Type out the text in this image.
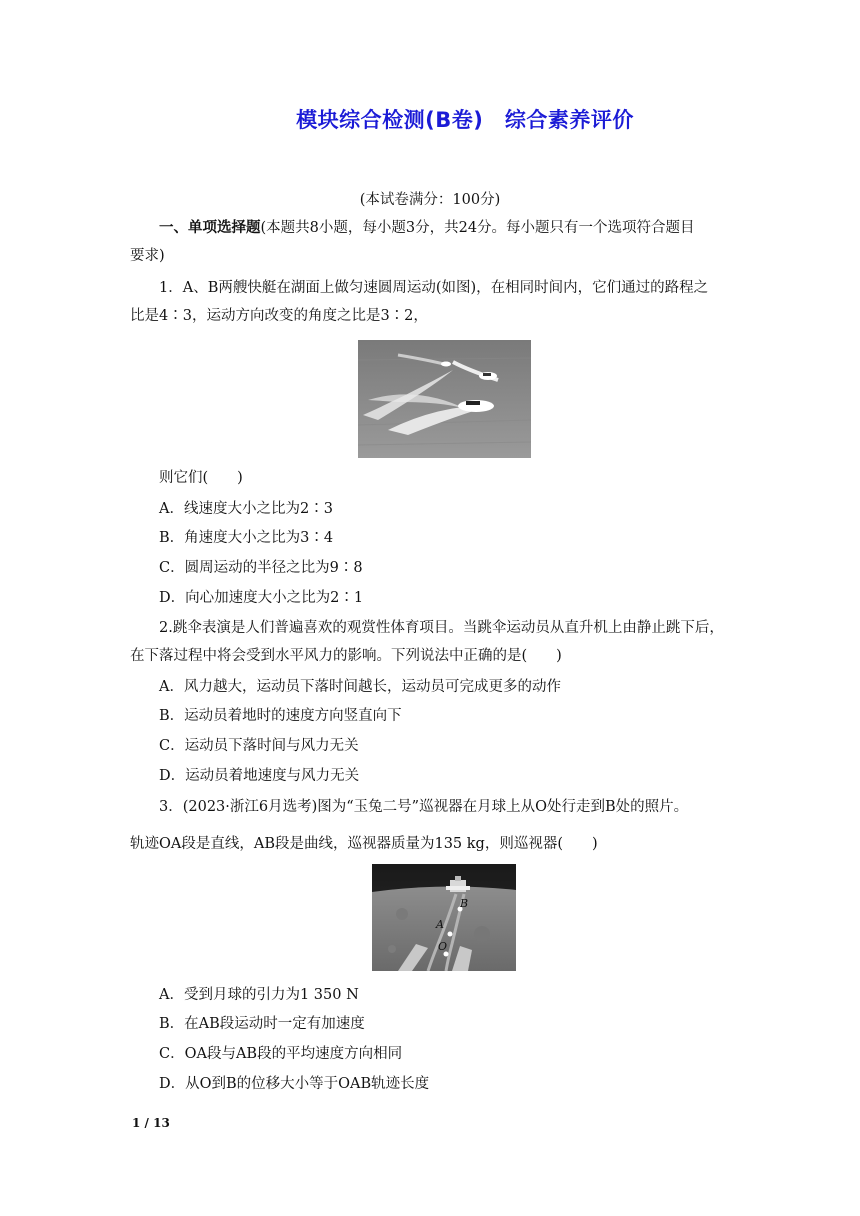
模块综合检测(B卷)　综合素养评价
(本试卷满分：100分)
一、单项选择题(本题共8小题，每小题3分，共24分。每小题只有一个选项符合题目
要求)
1．A、B两艘快艇在湖面上做匀速圆周运动(如图)，在相同时间内，它们通过的路程之
比是4∶3，运动方向改变的角度之比是3∶2，
则它们(　　)
A．线速度大小之比为2∶3
B．角速度大小之比为3∶4
C．圆周运动的半径之比为9∶8
D．向心加速度大小之比为2∶1
2.跳伞表演是人们普遍喜欢的观赏性体育项目。当跳伞运动员从直升机上由静止跳下后，
在下落过程中将会受到水平风力的影响。下列说法中正确的是(　　)
A．风力越大，运动员下落时间越长，运动员可完成更多的动作
B．运动员着地时的速度方向竖直向下
C．运动员下落时间与风力无关
D．运动员着地速度与风力无关
3．(2023·浙江6月选考)图为“玉兔二号”巡视器在月球上从O处行走到B处的照片。
轨迹OA段是直线，AB段是曲线，巡视器质量为135 kg，则巡视器(　　)
B
A
O
A．受到月球的引力为1 350 N
B．在AB段运动时一定有加速度
C．OA段与AB段的平均速度方向相同
D．从O到B的位移大小等于OAB轨迹长度
1 / 13
